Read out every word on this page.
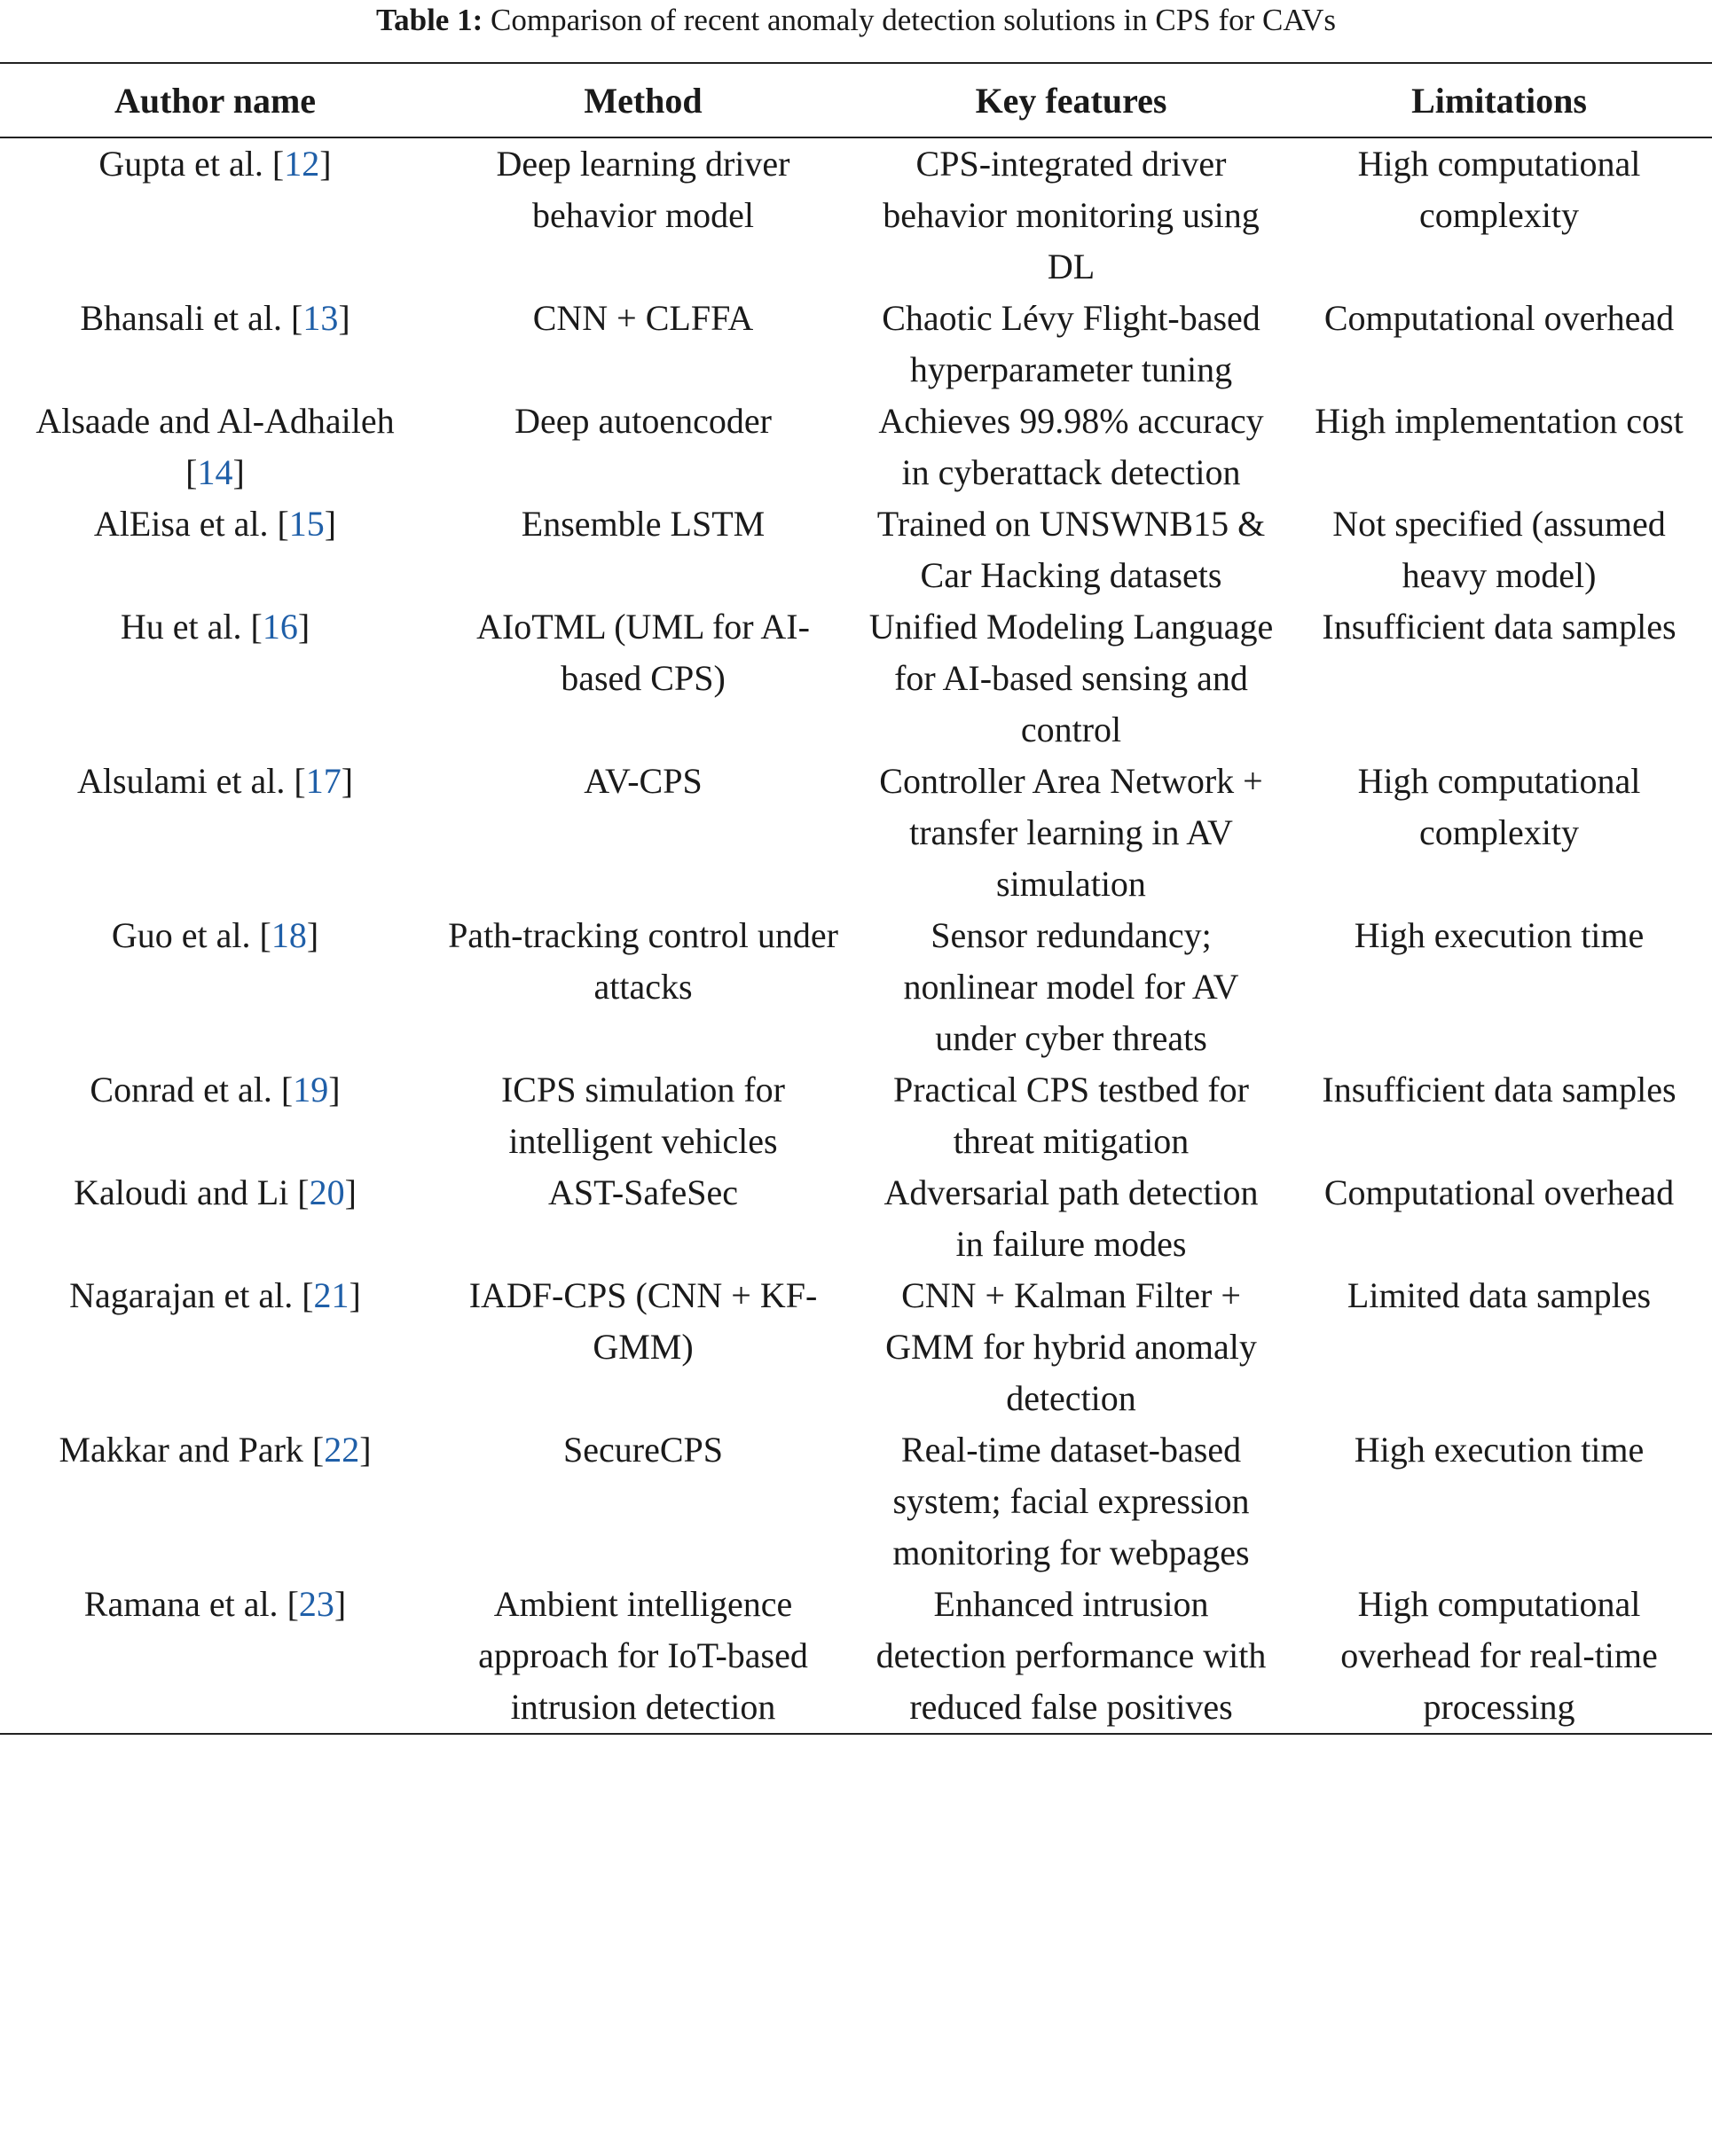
Table 1: Comparison of recent anomaly detection solutions in CPS for CAVs
Author name	Method	Key features	Limitations
Gupta et al. [12]	Deep learning driver behavior model	CPS-integrated driver behavior monitoring using DL	High computational complexity
Bhansali et al. [13]	CNN + CLFFA	Chaotic Lévy Flight-based hyperparameter tuning	Computational overhead
Alsaade and Al-Adhaileh [14]	Deep autoencoder	Achieves 99.98% accuracy in cyberattack detection	High implementation cost
AlEisa et al. [15]	Ensemble LSTM	Trained on UNSWNB15 & Car Hacking datasets	Not specified (assumed heavy model)
Hu et al. [16]	AIoTML (UML for AI-based CPS)	Unified Modeling Language for AI-based sensing and control	Insufficient data samples
Alsulami et al. [17]	AV-CPS	Controller Area Network + transfer learning in AV simulation	High computational complexity
Guo et al. [18]	Path-tracking control under attacks	Sensor redundancy; nonlinear model for AV under cyber threats	High execution time
Conrad et al. [19]	ICPS simulation for intelligent vehicles	Practical CPS testbed for threat mitigation	Insufficient data samples
Kaloudi and Li [20]	AST-SafeSec	Adversarial path detection in failure modes	Computational overhead
Nagarajan et al. [21]	IADF-CPS (CNN + KF-GMM)	CNN + Kalman Filter + GMM for hybrid anomaly detection	Limited data samples
Makkar and Park [22]	SecureCPS	Real-time dataset-based system; facial expression monitoring for webpages	High execution time
Ramana et al. [23]	Ambient intelligence approach for IoT-based intrusion detection	Enhanced intrusion detection performance with reduced false positives	High computational overhead for real-time processing
